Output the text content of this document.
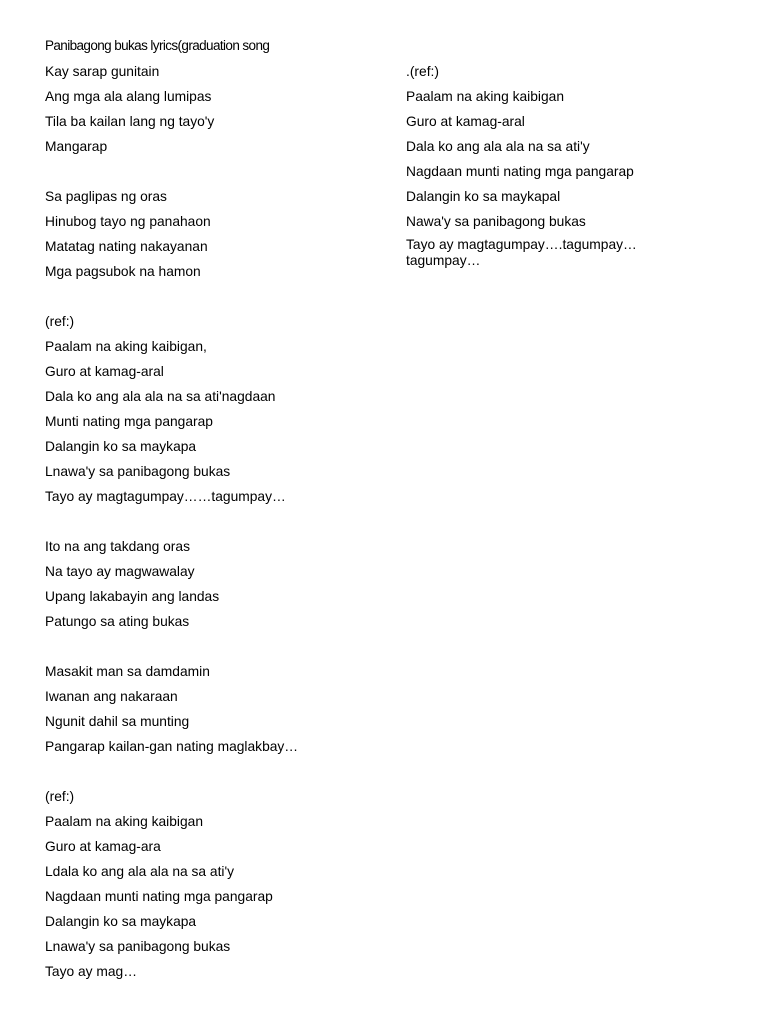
Panibagong bukas lyrics(graduation song
Kay sarap gunitain
Ang mga ala alang lumipas
Tila ba kailan lang ng tayo'y
Mangarap
Sa paglipas ng oras
Hinubog tayo ng panahaon
Matatag nating nakayanan
Mga pagsubok na hamon
(ref:)
Paalam na aking kaibigan,
Guro at kamag-aral
Dala ko ang ala ala na sa ati'nagdaan
Munti nating mga pangarap
Dalangin ko sa maykapa
Lnawa'y sa panibagong bukas
Tayo ay magtagumpay……tagumpay…
Ito na ang takdang oras
Na tayo ay magwawalay
Upang lakabayin ang landas
Patungo sa ating bukas
Masakit man sa damdamin
Iwanan ang nakaraan
Ngunit dahil sa munting
Pangarap kailan-gan nating maglakbay…
(ref:)
Paalam na aking kaibigan
Guro at kamag-ara
Ldala ko ang ala ala na sa ati'y
Nagdaan munti nating mga pangarap
Dalangin ko sa maykapa
Lnawa'y sa panibagong bukas
Tayo ay mag…
.(ref:)
Paalam na aking kaibigan
Guro at kamag-aral
Dala ko ang ala ala na sa ati'y
Nagdaan munti nating mga pangarap
Dalangin ko sa maykapal
Nawa'y sa panibagong bukas
Tayo ay magtagumpay….tagumpay… tagumpay…
